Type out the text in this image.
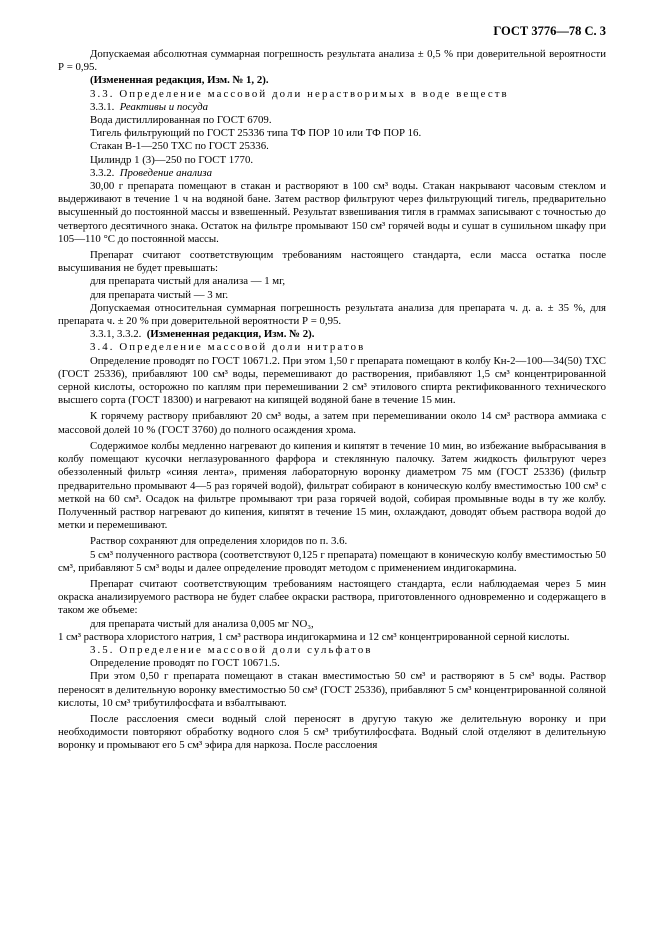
ГОСТ 3776—78 С. 3

Допускаемая абсолютная суммарная погрешность результата анализа ± 0,5 % при доверительной вероятности Р = 0,95.

(Измененная редакция, Изм. № 1, 2).

3.3. Определение массовой доли нерастворимых в воде веществ

3.3.1. Реактивы и посуда

Вода дистиллированная по ГОСТ 6709.

Тигель фильтрующий по ГОСТ 25336 типа ТФ ПОР 10 или ТФ ПОР 16.

Стакан В-1—250 ТХС по ГОСТ 25336.

Цилиндр 1 (3)—250 по ГОСТ 1770.

3.3.2. Проведение анализа

30,00 г препарата помещают в стакан и растворяют в 100 см³ воды. Стакан накрывают часовым стеклом и выдерживают в течение 1 ч на водяной бане. Затем раствор фильтруют через фильтрующий тигель, предварительно высушенный до постоянной массы и взвешенный. Результат взвешивания тигля в граммах записывают с точностью до четвертого десятичного знака. Остаток на фильтре промывают 150 см³ горячей воды и сушат в сушильном шкафу при 105—110 °С до постоянной массы.

Препарат считают соответствующим требованиям настоящего стандарта, если масса остатка после высушивания не будет превышать:

для препарата чистый для анализа — 1 мг,

для препарата чистый — 3 мг.

Допускаемая относительная суммарная погрешность результата анализа для препарата ч. д. а. ± 35 %, для препарата ч. ± 20 % при доверительной вероятности Р = 0,95.

3.3.1, 3.3.2. (Измененная редакция, Изм. № 2).

3.4. Определение массовой доли нитратов

Определение проводят по ГОСТ 10671.2. При этом 1,50 г препарата помещают в колбу Кн-2—100—34(50) ТХС (ГОСТ 25336), прибавляют 100 см³ воды, перемешивают до растворения, прибавляют 1,5 см³ концентрированной серной кислоты, осторожно по каплям при перемешивании 2 см³ этилового спирта ректификованного технического высшего сорта (ГОСТ 18300) и нагревают на кипящей водяной бане в течение 15 мин.

К горячему раствору прибавляют 20 см³ воды, а затем при перемешивании около 14 см³ раствора аммиака с массовой долей 10 % (ГОСТ 3760) до полного осаждения хрома.

Содержимое колбы медленно нагревают до кипения и кипятят в течение 10 мин, во избежание выбрасывания в колбу помещают кусочки неглазурованного фарфора и стеклянную палочку. Затем жидкость фильтруют через обеззоленный фильтр «синяя лента», применяя лабораторную воронку диаметром 75 мм (ГОСТ 25336) (фильтр предварительно промывают 4—5 раз горячей водой), фильтрат собирают в коническую колбу вместимостью 100 см³ с меткой на 60 см³. Осадок на фильтре промывают три раза горячей водой, собирая промывные воды в ту же колбу. Полученный раствор нагревают до кипения, кипятят в течение 15 мин, охлаждают, доводят объем раствора водой до метки и перемешивают.

Раствор сохраняют для определения хлоридов по п. 3.6.

5 см³ полученного раствора (соответствуют 0,125 г препарата) помещают в коническую колбу вместимостью 50 см³, прибавляют 5 см³ воды и далее определение проводят методом с применением индигокармина.

Препарат считают соответствующим требованиям настоящего стандарта, если наблюдаемая через 5 мин окраска анализируемого раствора не будет слабее окраски раствора, приготовленного одновременно и содержащего в таком же объеме:

для препарата чистый для анализа 0,005 мг NO₃,

1 см³ раствора хлористого натрия, 1 см³ раствора индигокармина и 12 см³ концентрированной серной кислоты.

3.5. Определение массовой доли сульфатов

Определение проводят по ГОСТ 10671.5.

При этом 0,50 г препарата помещают в стакан вместимостью 50 см³ и растворяют в 5 см³ воды. Раствор переносят в делительную воронку вместимостью 50 см³ (ГОСТ 25336), прибавляют 5 см³ концентрированной соляной кислоты, 10 см³ трибутилфосфата и взбалтывают.

После расслоения смеси водный слой переносят в другую такую же делительную воронку и при необходимости повторяют обработку водного слоя 5 см³ трибутилфосфата. Водный слой отделяют в делительную воронку и промывают его 5 см³ эфира для наркоза. После расслоения
